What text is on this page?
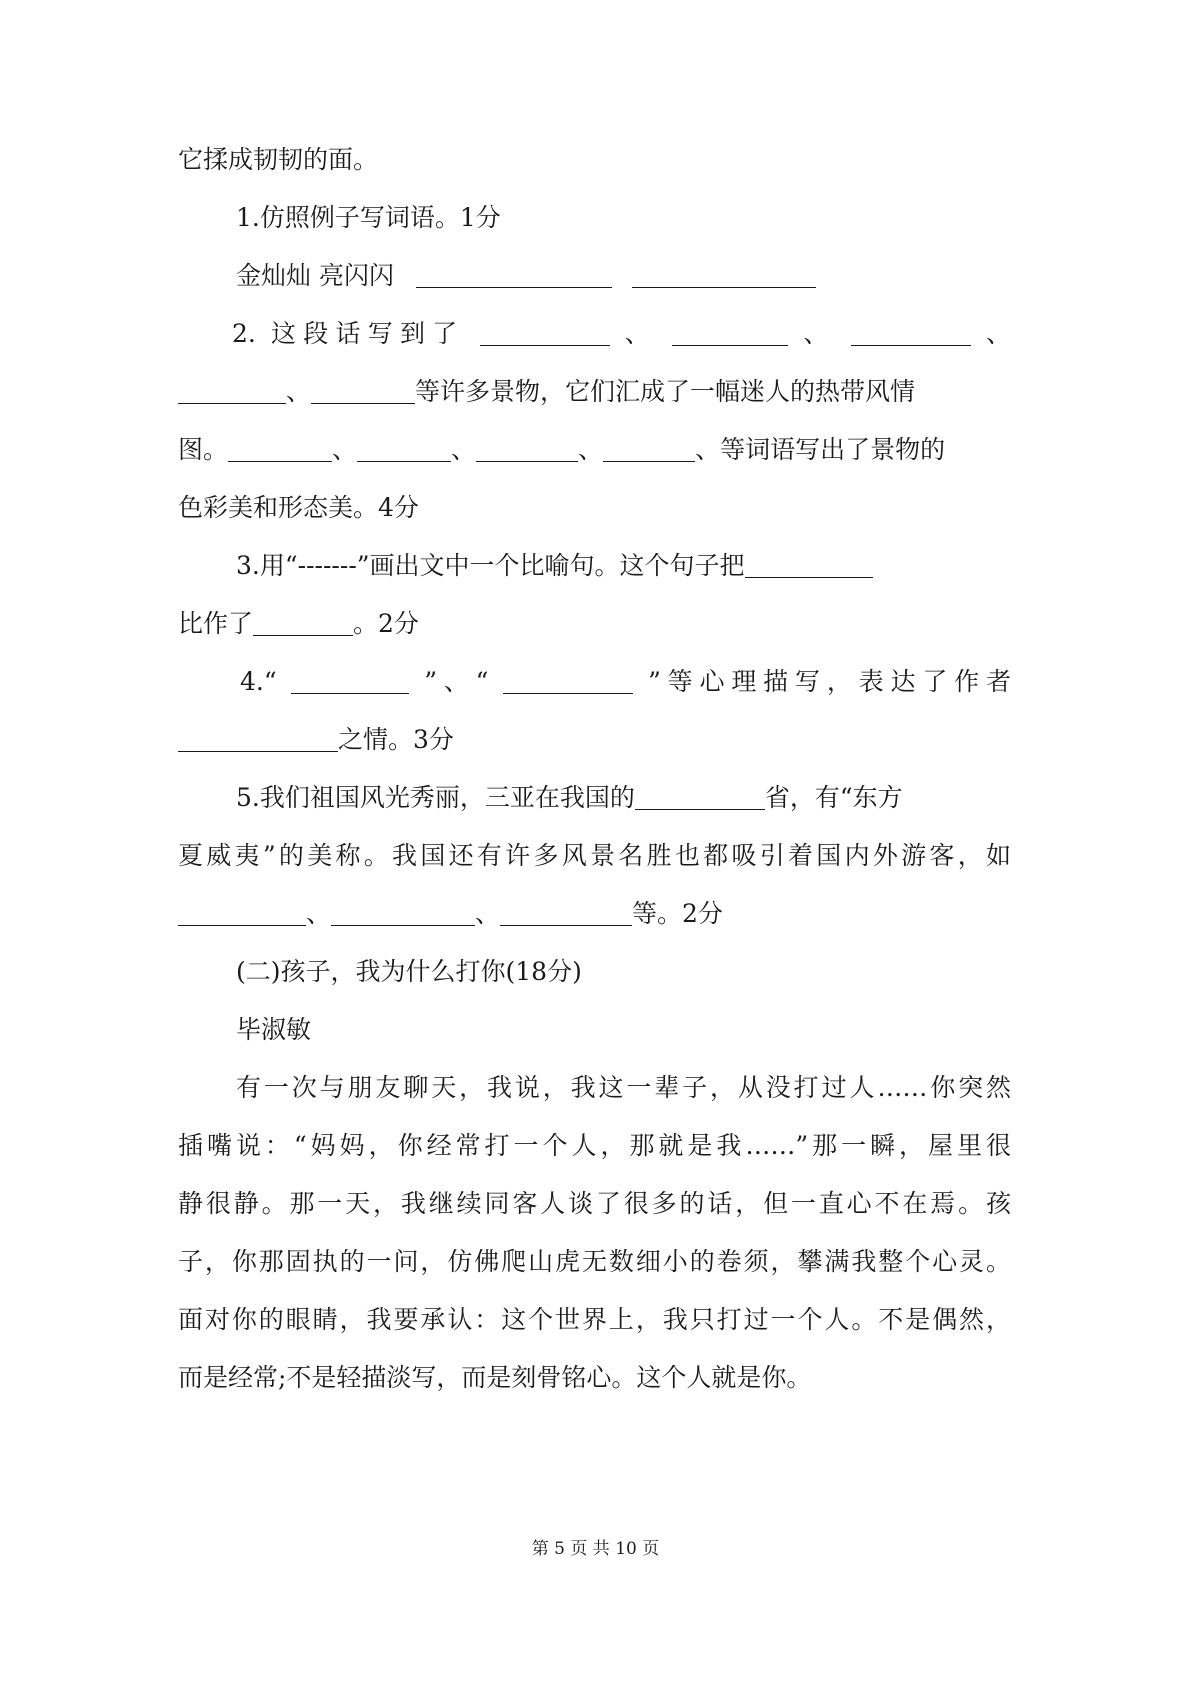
它揉成韧韧的面。
1.仿照例子写词语。1分
金灿灿 亮闪闪
2. 这段话写到了	、	、	、
、	等许多景物，它们汇成了一幅迷人的热带风情
图。	、	、	、	、等词语写出了景物的
色彩美和形态美。4分
3.用“-------”画出文中一个比喻句。这个句子把
比作了	。2分
4.“	”、“	”等心理描写，表达了作者
之情。3分
5.我们祖国风光秀丽，三亚在我国的	省，有“东方
夏威夷”的美称。我国还有许多风景名胜也都吸引着国内外游客，如
、	、	等。2分
(二)孩子，我为什么打你(18分)
毕淑敏
有一次与朋友聊天，我说，我这一辈子，从没打过人……你突然
插嘴说：“妈妈，你经常打一个人，那就是我……”那一瞬，屋里很
静很静。那一天，我继续同客人谈了很多的话，但一直心不在焉。孩
子，你那固执的一问，仿佛爬山虎无数细小的卷须，攀满我整个心灵。
面对你的眼睛，我要承认：这个世界上，我只打过一个人。不是偶然，
而是经常;不是轻描淡写，而是刻骨铭心。这个人就是你。
第 5 页 共 10 页
